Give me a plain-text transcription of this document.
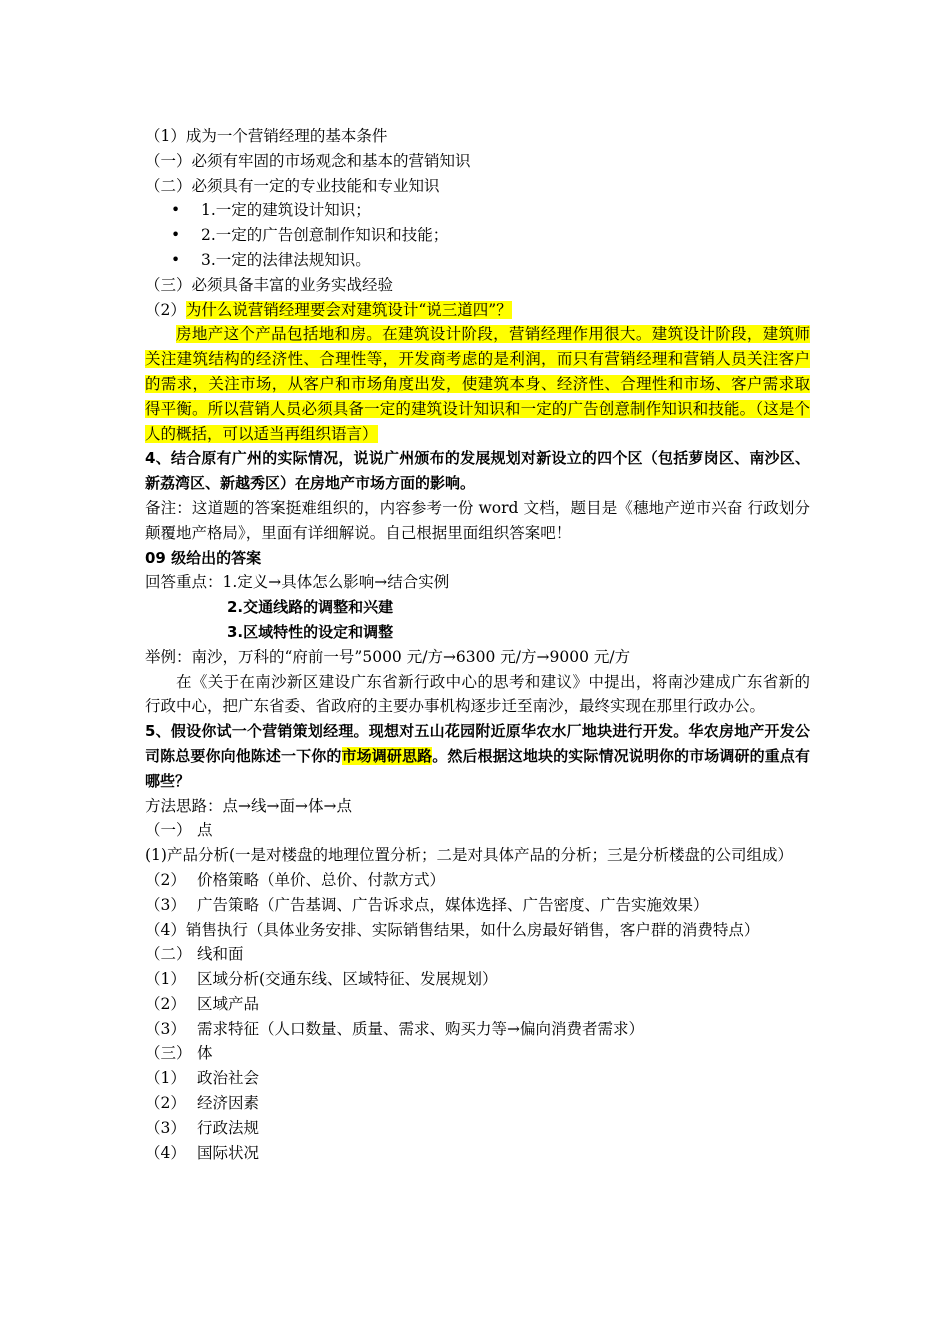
（1）成为一个营销经理的基本条件
（一）必须有牢固的市场观念和基本的营销知识
（二）必须具有一定的专业技能和专业知识
• 1.一定的建筑设计知识；
• 2.一定的广告创意制作知识和技能；
• 3.一定的法律法规知识。
（三）必须具备丰富的业务实战经验
（2）为什么说营销经理要会对建筑设计“说三道四”？
房地产这个产品包括地和房。在建筑设计阶段，营销经理作用很大。建筑设计阶段，建筑师关注建筑结构的经济性、合理性等，开发商考虑的是利润，而只有营销经理和营销人员关注客户的需求，关注市场，从客户和市场角度出发，使建筑本身、经济性、合理性和市场、客户需求取得平衡。所以营销人员必须具备一定的建筑设计知识和一定的广告创意制作知识和技能。（这是个人的概括，可以适当再组织语言）
4、结合原有广州的实际情况，说说广州颁布的发展规划对新设立的四个区（包括萝岗区、南沙区、新荔湾区、新越秀区）在房地产市场方面的影响。
备注：这道题的答案挺难组织的，内容参考一份 word 文档，题目是《穗地产逆市兴奋 行政划分颠覆地产格局》，里面有详细解说。自己根据里面组织答案吧！
09 级给出的答案
回答重点：1.定义→具体怎么影响→结合实例
2.交通线路的调整和兴建
3.区域特性的设定和调整
举例：南沙，万科的“府前一号”5000 元/方→6300 元/方→9000 元/方
在《关于在南沙新区建设广东省新行政中心的思考和建议》中提出，将南沙建成广东省新的行政中心，把广东省委、省政府的主要办事机构逐步迁至南沙，最终实现在那里行政办公。
5、假设你试一个营销策划经理。现想对五山花园附近原华农水厂地块进行开发。华农房地产开发公司陈总要你向他陈述一下你的市场调研思路。然后根据这地块的实际情况说明你的市场调研的重点有哪些？
方法思路：点→线→面→体→点
（一） 点
(1)产品分析(一是对楼盘的地理位置分析；二是对具体产品的分析；三是分析楼盘的公司组成）
（2） 价格策略（单价、总价、付款方式）
（3） 广告策略（广告基调、广告诉求点，媒体选择、广告密度、广告实施效果）
（4）销售执行（具体业务安排、实际销售结果，如什么房最好销售，客户群的消费特点）
（二） 线和面
（1） 区域分析(交通东线、区域特征、发展规划）
（2） 区域产品
（3） 需求特征（人口数量、质量、需求、购买力等→偏向消费者需求）
（三） 体
（1） 政治社会
（2） 经济因素
（3） 行政法规
（4） 国际状况
